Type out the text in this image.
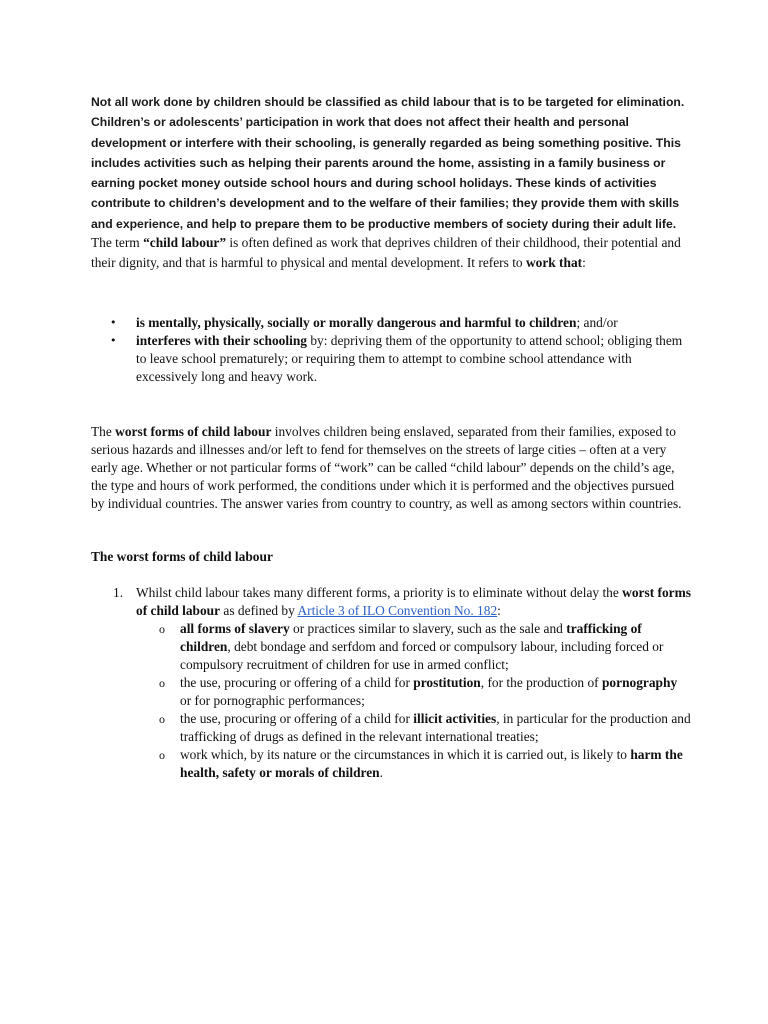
Not all work done by children should be classified as child labour that is to be targeted for elimination.
Children’s or adolescents’ participation in work that does not affect their health and personal
development or interfere with their schooling, is generally regarded as being something positive. This
includes activities such as helping their parents around the home, assisting in a family business or
earning pocket money outside school hours and during school holidays. These kinds of activities
contribute to children’s development and to the welfare of their families; they provide them with skills
and experience, and help to prepare them to be productive members of society during their adult life.

The term “child labour” is often defined as work that deprives children of their childhood, their potential and their dignity, and that is harmful to physical and mental development. It refers to work that:

• is mentally, physically, socially or morally dangerous and harmful to children; and/or
• interferes with their schooling by: depriving them of the opportunity to attend school; obliging them to leave school prematurely; or requiring them to attempt to combine school attendance with excessively long and heavy work.

The worst forms of child labour involves children being enslaved, separated from their families, exposed to serious hazards and illnesses and/or left to fend for themselves on the streets of large cities – often at a very early age. Whether or not particular forms of “work” can be called “child labour” depends on the child’s age, the type and hours of work performed, the conditions under which it is performed and the objectives pursued by individual countries. The answer varies from country to country, as well as among sectors within countries.

The worst forms of child labour
1. Whilst child labour takes many different forms, a priority is to eliminate without delay the worst forms of child labour as defined by Article 3 of ILO Convention No. 182:
o all forms of slavery or practices similar to slavery, such as the sale and trafficking of children, debt bondage and serfdom and forced or compulsory labour, including forced or compulsory recruitment of children for use in armed conflict;
o the use, procuring or offering of a child for prostitution, for the production of pornography or for pornographic performances;
o the use, procuring or offering of a child for illicit activities, in particular for the production and trafficking of drugs as defined in the relevant international treaties;
o work which, by its nature or the circumstances in which it is carried out, is likely to harm the health, safety or morals of children.
